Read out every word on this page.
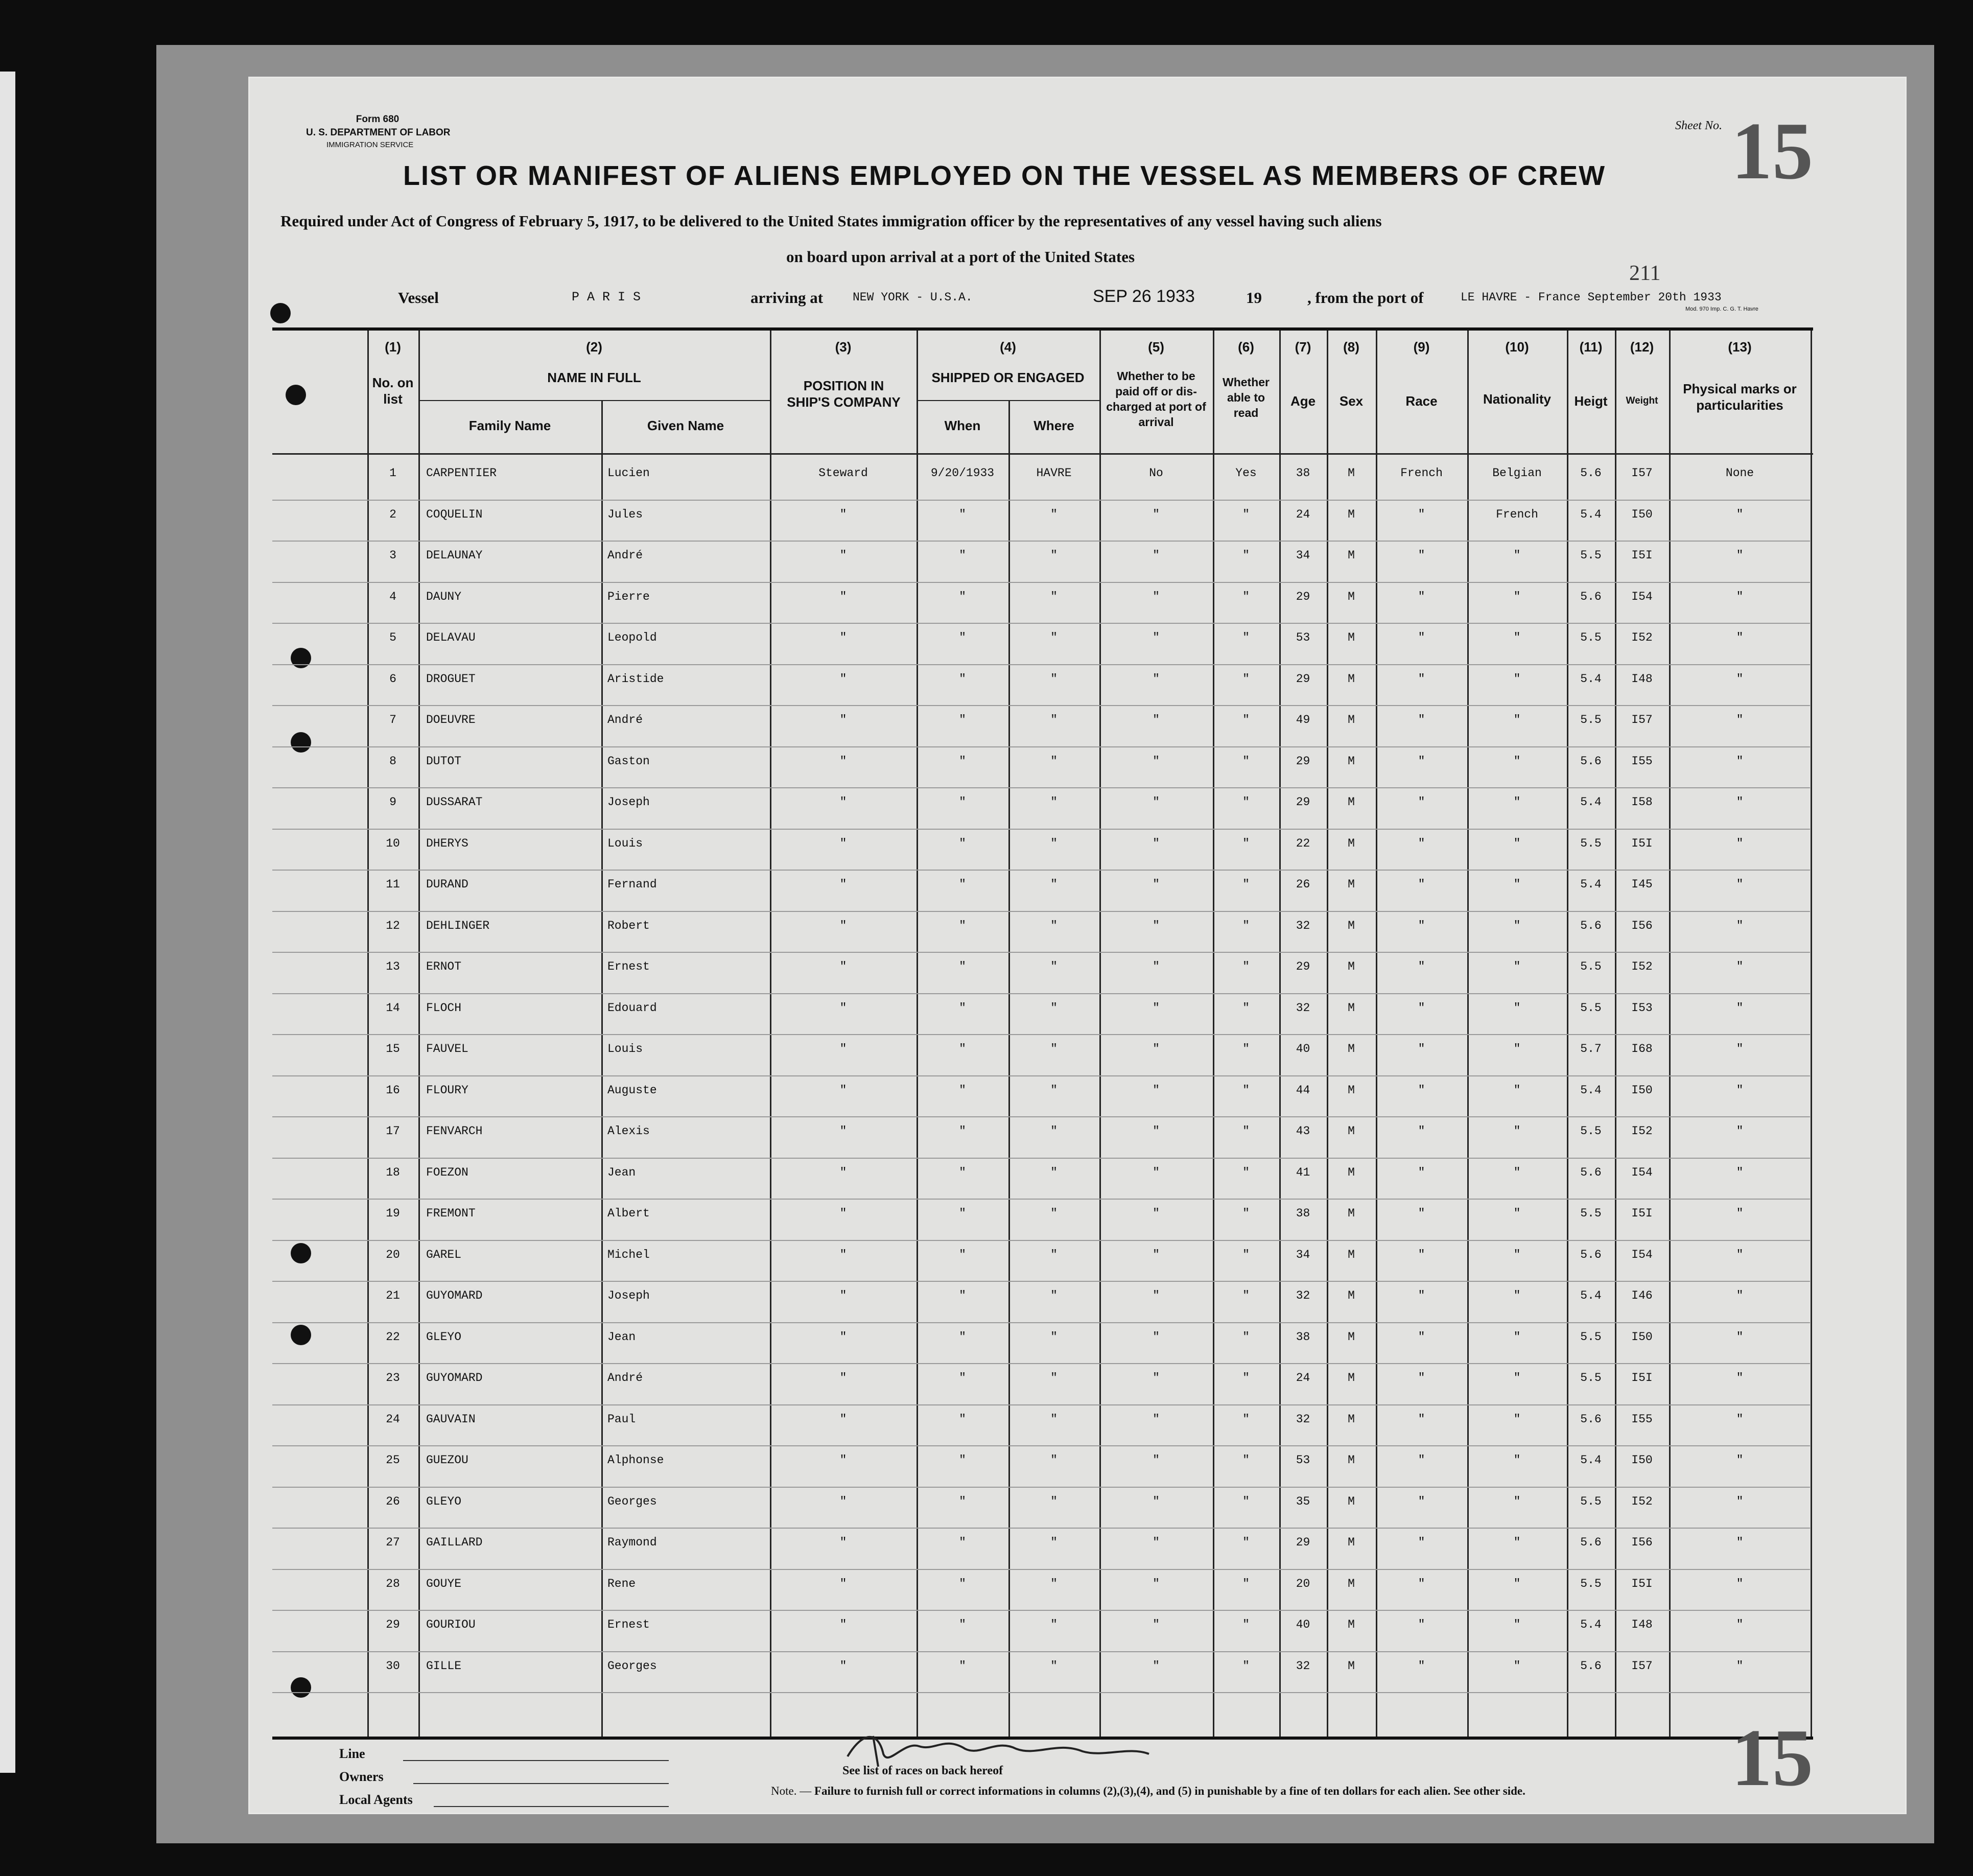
Form 680
U. S. DEPARTMENT OF LABOR
IMMIGRATION SERVICE
Sheet No. 15
LIST OR MANIFEST OF ALIENS EMPLOYED ON THE VESSEL AS MEMBERS OF CREW
Required under Act of Congress of February 5, 1917, to be delivered to the United States immigration officer by the representatives of any vessel having such aliens
on board upon arrival at a port of the United States
211
Vessel	P A R I S	arriving at	NEW YORK - U.S.A.	SEP 26 1933	19	, from the port of	LE HAVRE - France September 20th 1933
Mod. 970 Imp. C. G. T. Havre
(1)
No. on list
(2)
NAME IN FULL
Family Name	Given Name
(3)
POSITION IN SHIP'S COMPANY
(4)
SHIPPED OR ENGAGED
When	Where
(5)
Whether to be paid off or dis-charged at port of arrival
(6)
Whether able to read
(7)
Age
(8)
Sex
(9)
Race
(10)
Nationality
(11)
Heigt
(12)
Weight
(13)
Physical marks or particularities
1	CARPENTIER	Lucien	Steward	9/20/1933	HAVRE	No	Yes	38	M	French	Belgian	5.6	I57	None
2	COQUELIN	Jules	"	"	"	"	"	24	M	"	French	5.4	I50	"
3	DELAUNAY	André	"	"	"	"	"	34	M	"	"	5.5	I5I	"
4	DAUNY	Pierre	"	"	"	"	"	29	M	"	"	5.6	I54	"
5	DELAVAU	Leopold	"	"	"	"	"	53	M	"	"	5.5	I52	"
6	DROGUET	Aristide	"	"	"	"	"	29	M	"	"	5.4	I48	"
7	DOEUVRE	André	"	"	"	"	"	49	M	"	"	5.5	I57	"
8	DUTOT	Gaston	"	"	"	"	"	29	M	"	"	5.6	I55	"
9	DUSSARAT	Joseph	"	"	"	"	"	29	M	"	"	5.4	I58	"
10	DHERYS	Louis	"	"	"	"	"	22	M	"	"	5.5	I5I	"
11	DURAND	Fernand	"	"	"	"	"	26	M	"	"	5.4	I45	"
12	DEHLINGER	Robert	"	"	"	"	"	32	M	"	"	5.6	I56	"
13	ERNOT	Ernest	"	"	"	"	"	29	M	"	"	5.5	I52	"
14	FLOCH	Edouard	"	"	"	"	"	32	M	"	"	5.5	I53	"
15	FAUVEL	Louis	"	"	"	"	"	40	M	"	"	5.7	I68	"
16	FLOURY	Auguste	"	"	"	"	"	44	M	"	"	5.4	I50	"
17	FENVARCH	Alexis	"	"	"	"	"	43	M	"	"	5.5	I52	"
18	FOEZON	Jean	"	"	"	"	"	41	M	"	"	5.6	I54	"
19	FREMONT	Albert	"	"	"	"	"	38	M	"	"	5.5	I5I	"
20	GAREL	Michel	"	"	"	"	"	34	M	"	"	5.6	I54	"
21	GUYOMARD	Joseph	"	"	"	"	"	32	M	"	"	5.4	I46	"
22	GLEYO	Jean	"	"	"	"	"	38	M	"	"	5.5	I50	"
23	GUYOMARD	André	"	"	"	"	"	24	M	"	"	5.5	I5I	"
24	GAUVAIN	Paul	"	"	"	"	"	32	M	"	"	5.6	I55	"
25	GUEZOU	Alphonse	"	"	"	"	"	53	M	"	"	5.4	I50	"
26	GLEYO	Georges	"	"	"	"	"	35	M	"	"	5.5	I52	"
27	GAILLARD	Raymond	"	"	"	"	"	29	M	"	"	5.6	I56	"
28	GOUYE	Rene	"	"	"	"	"	20	M	"	"	5.5	I5I	"
29	GOURIOU	Ernest	"	"	"	"	"	40	M	"	"	5.4	I48	"
30	GILLE	Georges	"	"	"	"	"	32	M	"	"	5.6	I57	"
Line
Owners
Local Agents
See list of races on back hereof
Note. — Failure to furnish full or correct informations in columns (2),(3),(4), and (5) in punishable by a fine of ten dollars for each alien. See other side.	15
